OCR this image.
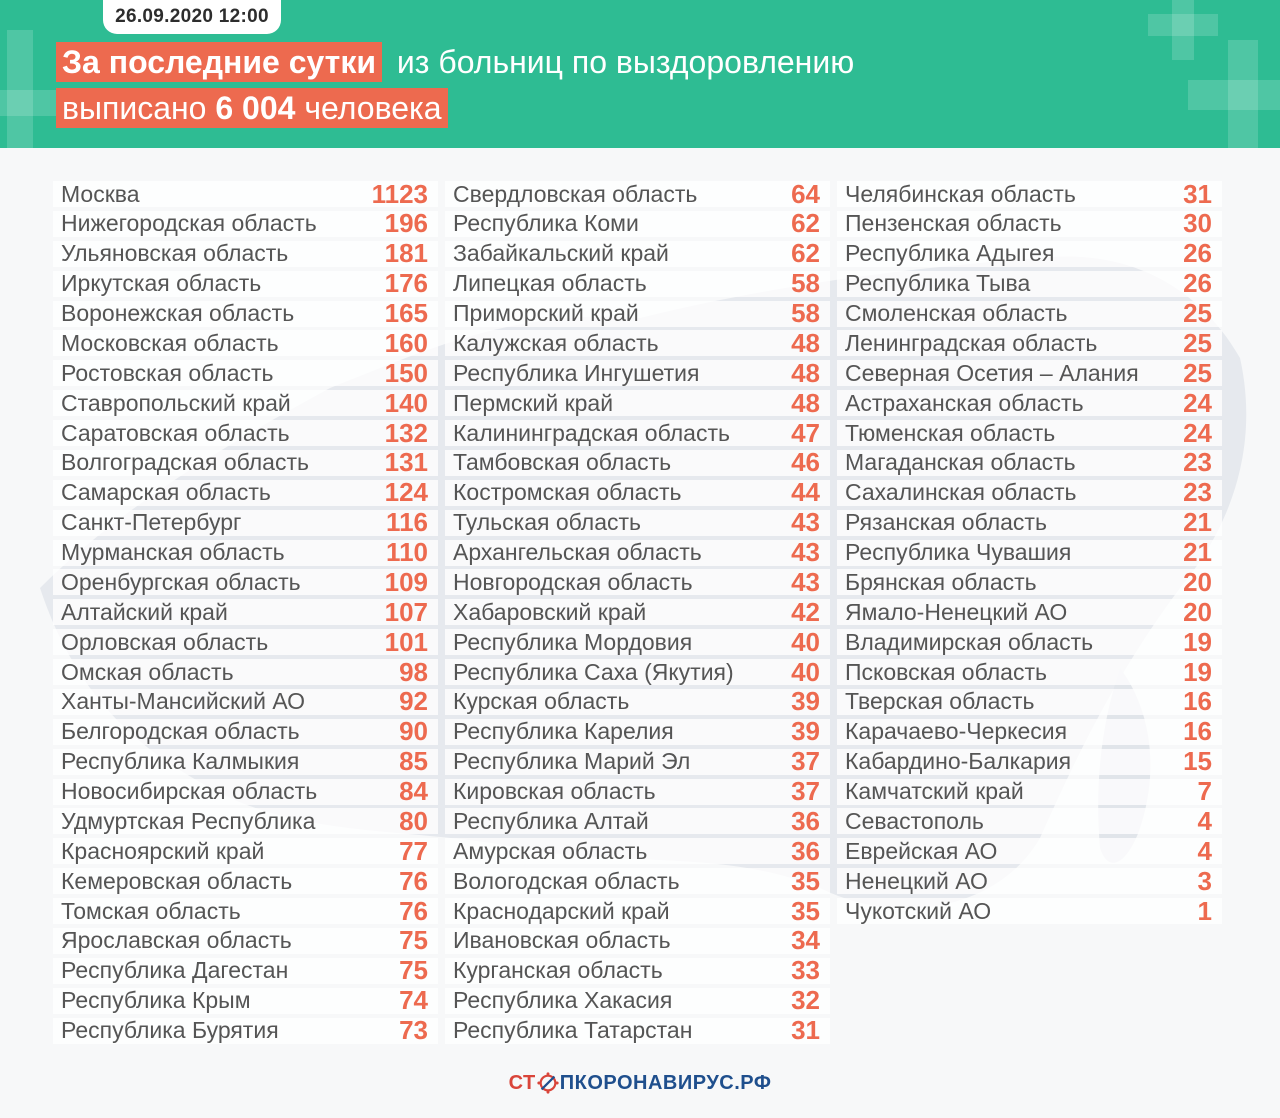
26.09.2020 12:00
За последние сутки из больниц по выздоровлению
выписано 6 004 человека
Москва	1123
Нижегородская область	196
Ульяновская область	181
Иркутская область	176
Воронежская область	165
Московская область	160
Ростовская область	150
Ставропольский край	140
Саратовская область	132
Волгоградская область	131
Самарская область	124
Санкт-Петербург	116
Мурманская область	110
Оренбургская область	109
Алтайский край	107
Орловская область	101
Омская область	98
Ханты-Мансийский АО	92
Белгородская область	90
Республика Калмыкия	85
Новосибирская область	84
Удмуртская Республика	80
Красноярский край	77
Кемеровская область	76
Томская область	76
Ярославская область	75
Республика Дагестан	75
Республика Крым	74
Республика Бурятия	73
Свердловская область	64
Республика Коми	62
Забайкальский край	62
Липецкая область	58
Приморский край	58
Калужская область	48
Республика Ингушетия	48
Пермский край	48
Калининградская область 47
Тамбовская область	46
Костромская область	44
Тульская область	43
Архангельская область	43
Новгородская область	43
Хабаровский край	42
Республика Мордовия	40
Республика Саха (Якутия) 40
Курская область	39
Республика Карелия	39
Республика Марий Эл	37
Кировская область	37
Республика Алтай	36
Амурская область	36
Вологодская область	35
Краснодарский край	35
Ивановская область	34
Курганская область	33
Республика Хакасия	32
Республика Татарстан	31
Челябинская область	31
Пензенская область	30
Республика Адыгея	26
Республика Тыва	26
Смоленская область	25
Ленинградская область	25
Северная Осетия – Алания 25
Астраханская область	24
Тюменская область	24
Магаданская область	23
Сахалинская область	23
Рязанская область	21
Республика Чувашия	21
Брянская область	20
Ямало-Ненецкий АО	20
Владимирская область	19
Псковская область	19
Тверская область	16
Карачаево-Черкесия	16
Кабардино-Балкария	15
Камчатский край	7
Севастополь	4
Еврейская АО	4
Ненецкий АО	3
Чукотский АО	1
СТ ПКОРОНАВИРУС.РФ
